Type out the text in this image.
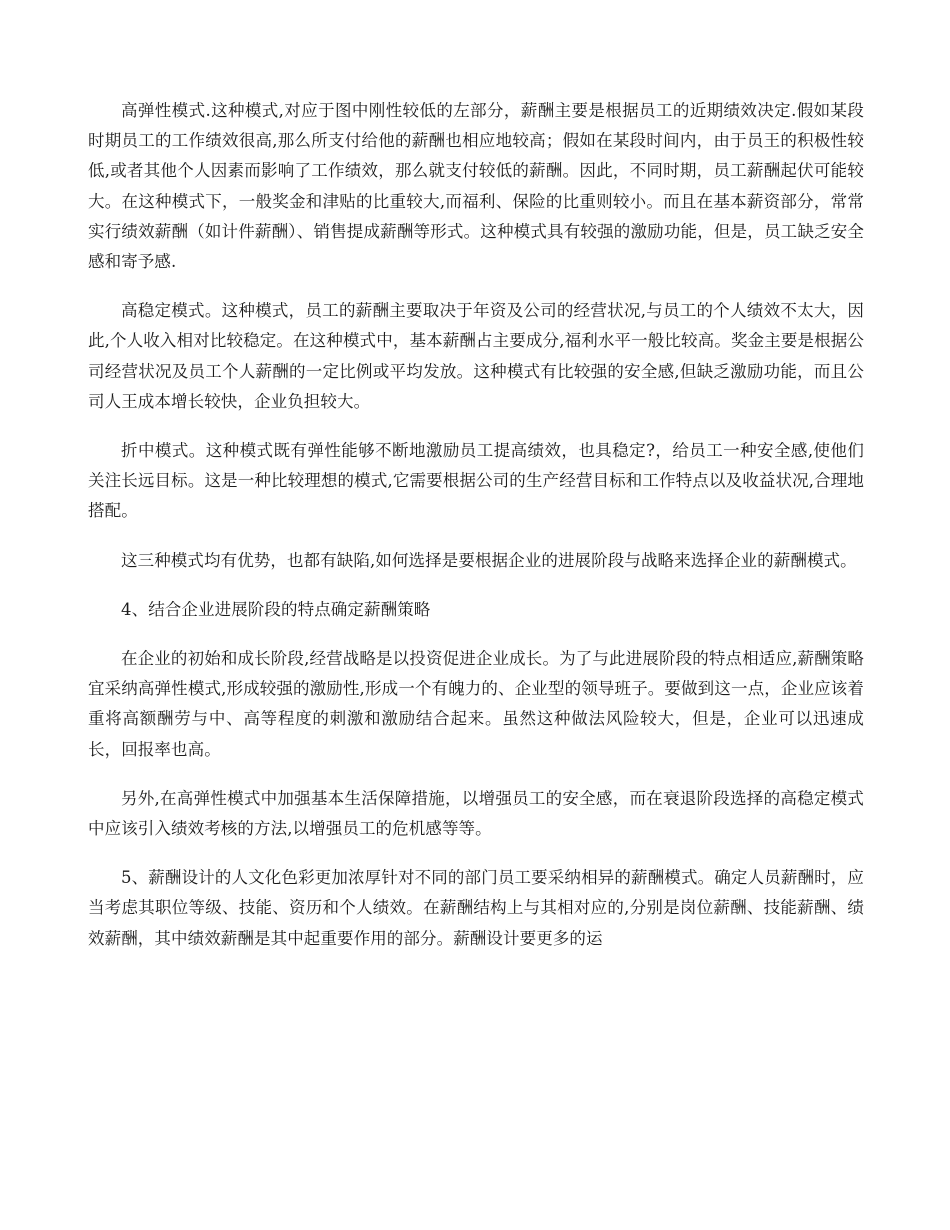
高弹性模式.这种模式,对应于图中刚性较低的左部分，薪酬主要是根据员工的近期绩效决定.假如某段时期员工的工作绩效很高,那么所支付给他的薪酬也相应地较高；假如在某段时间内，由于员王的积极性较低,或者其他个人因素而影响了工作绩效，那么就支付较低的薪酬。因此，不同时期，员工薪酬起伏可能较大。在这种模式下，一般奖金和津贴的比重较大,而福利、保险的比重则较小。而且在基本薪资部分，常常实行绩效薪酬（如计件薪酬）、销售提成薪酬等形式。这种模式具有较强的激励功能，但是，员工缺乏安全感和寄予感.

高稳定模式。这种模式，员工的薪酬主要取决于年资及公司的经营状况,与员工的个人绩效不太大，因此,个人收入相对比较稳定。在这种模式中，基本薪酬占主要成分,福利水平一般比较高。奖金主要是根据公司经营状况及员工个人薪酬的一定比例或平均发放。这种模式有比较强的安全感,但缺乏激励功能，而且公司人王成本增长较快，企业负担较大。

折中模式。这种模式既有弹性能够不断地激励员工提高绩效，也具稳定?，给员工一种安全感,使他们关注长远目标。这是一种比较理想的模式,它需要根据公司的生产经营目标和工作特点以及收益状况,合理地搭配。

这三种模式均有优势，也都有缺陷,如何选择是要根据企业的进展阶段与战略来选择企业的薪酬模式。

4、结合企业进展阶段的特点确定薪酬策略

在企业的初始和成长阶段,经营战略是以投资促进企业成长。为了与此进展阶段的特点相适应,薪酬策略宜采纳高弹性模式,形成较强的激励性,形成一个有魄力的、企业型的领导班子。要做到这一点，企业应该着重将高额酬劳与中、高等程度的刺激和激励结合起来。虽然这种做法风险较大，但是，企业可以迅速成长，回报率也高。

另外,在高弹性模式中加强基本生活保障措施，以增强员工的安全感，而在衰退阶段选择的高稳定模式中应该引入绩效考核的方法,以增强员工的危机感等等。

5、薪酬设计的人文化色彩更加浓厚针对不同的部门员工要采纳相异的薪酬模式。确定人员薪酬时，应当考虑其职位等级、技能、资历和个人绩效。在薪酬结构上与其相对应的,分别是岗位薪酬、技能薪酬、绩效薪酬，其中绩效薪酬是其中起重要作用的部分。薪酬设计要更多的运
